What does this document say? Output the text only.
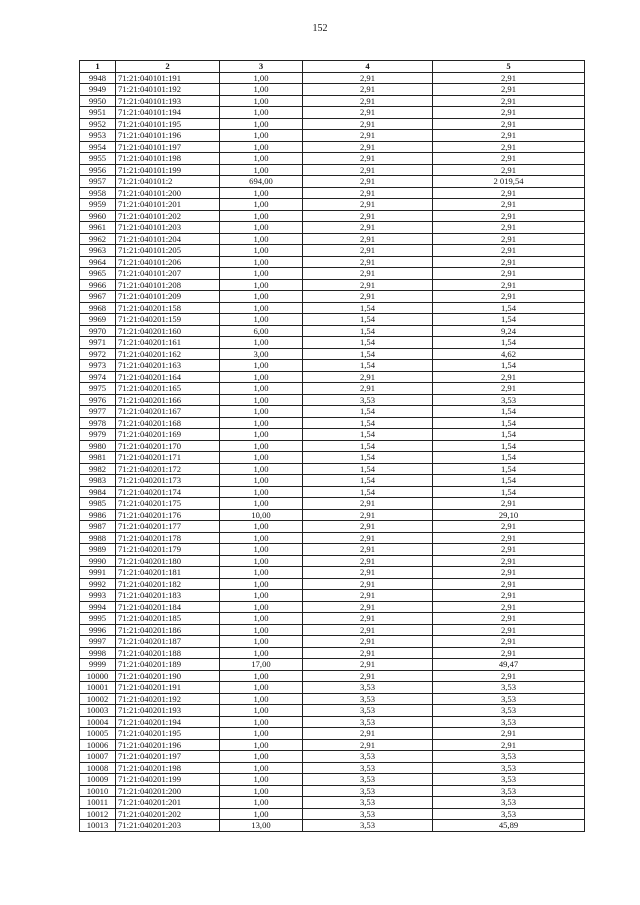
152
1	2	3	4	5
9948	71:21:040101:191	1,00	2,91	2,91
9949	71:21:040101:192	1,00	2,91	2,91
9950	71:21:040101:193	1,00	2,91	2,91
9951	71:21:040101:194	1,00	2,91	2,91
9952	71:21:040101:195	1,00	2,91	2,91
9953	71:21:040101:196	1,00	2,91	2,91
9954	71:21:040101:197	1,00	2,91	2,91
9955	71:21:040101:198	1,00	2,91	2,91
9956	71:21:040101:199	1,00	2,91	2,91
9957	71:21:040101:2	694,00	2,91	2 019,54
9958	71:21:040101:200	1,00	2,91	2,91
9959	71:21:040101:201	1,00	2,91	2,91
9960	71:21:040101:202	1,00	2,91	2,91
9961	71:21:040101:203	1,00	2,91	2,91
9962	71:21:040101:204	1,00	2,91	2,91
9963	71:21:040101:205	1,00	2,91	2,91
9964	71:21:040101:206	1,00	2,91	2,91
9965	71:21:040101:207	1,00	2,91	2,91
9966	71:21:040101:208	1,00	2,91	2,91
9967	71:21:040101:209	1,00	2,91	2,91
9968	71:21:040201:158	1,00	1,54	1,54
9969	71:21:040201:159	1,00	1,54	1,54
9970	71:21:040201:160	6,00	1,54	9,24
9971	71:21:040201:161	1,00	1,54	1,54
9972	71:21:040201:162	3,00	1,54	4,62
9973	71:21:040201:163	1,00	1,54	1,54
9974	71:21:040201:164	1,00	2,91	2,91
9975	71:21:040201:165	1,00	2,91	2,91
9976	71:21:040201:166	1,00	3,53	3,53
9977	71:21:040201:167	1,00	1,54	1,54
9978	71:21:040201:168	1,00	1,54	1,54
9979	71:21:040201:169	1,00	1,54	1,54
9980	71:21:040201:170	1,00	1,54	1,54
9981	71:21:040201:171	1,00	1,54	1,54
9982	71:21:040201:172	1,00	1,54	1,54
9983	71:21:040201:173	1,00	1,54	1,54
9984	71:21:040201:174	1,00	1,54	1,54
9985	71:21:040201:175	1,00	2,91	2,91
9986	71:21:040201:176	10,00	2,91	29,10
9987	71:21:040201:177	1,00	2,91	2,91
9988	71:21:040201:178	1,00	2,91	2,91
9989	71:21:040201:179	1,00	2,91	2,91
9990	71:21:040201:180	1,00	2,91	2,91
9991	71:21:040201:181	1,00	2,91	2,91
9992	71:21:040201:182	1,00	2,91	2,91
9993	71:21:040201:183	1,00	2,91	2,91
9994	71:21:040201:184	1,00	2,91	2,91
9995	71:21:040201:185	1,00	2,91	2,91
9996	71:21:040201:186	1,00	2,91	2,91
9997	71:21:040201:187	1,00	2,91	2,91
9998	71:21:040201:188	1,00	2,91	2,91
9999	71:21:040201:189	17,00	2,91	49,47
10000	71:21:040201:190	1,00	2,91	2,91
10001	71:21:040201:191	1,00	3,53	3,53
10002	71:21:040201:192	1,00	3,53	3,53
10003	71:21:040201:193	1,00	3,53	3,53
10004	71:21:040201:194	1,00	3,53	3,53
10005	71:21:040201:195	1,00	2,91	2,91
10006	71:21:040201:196	1,00	2,91	2,91
10007	71:21:040201:197	1,00	3,53	3,53
10008	71:21:040201:198	1,00	3,53	3,53
10009	71:21:040201:199	1,00	3,53	3,53
10010	71:21:040201:200	1,00	3,53	3,53
10011	71:21:040201:201	1,00	3,53	3,53
10012	71:21:040201:202	1,00	3,53	3,53
10013	71:21:040201:203	13,00	3,53	45,89
